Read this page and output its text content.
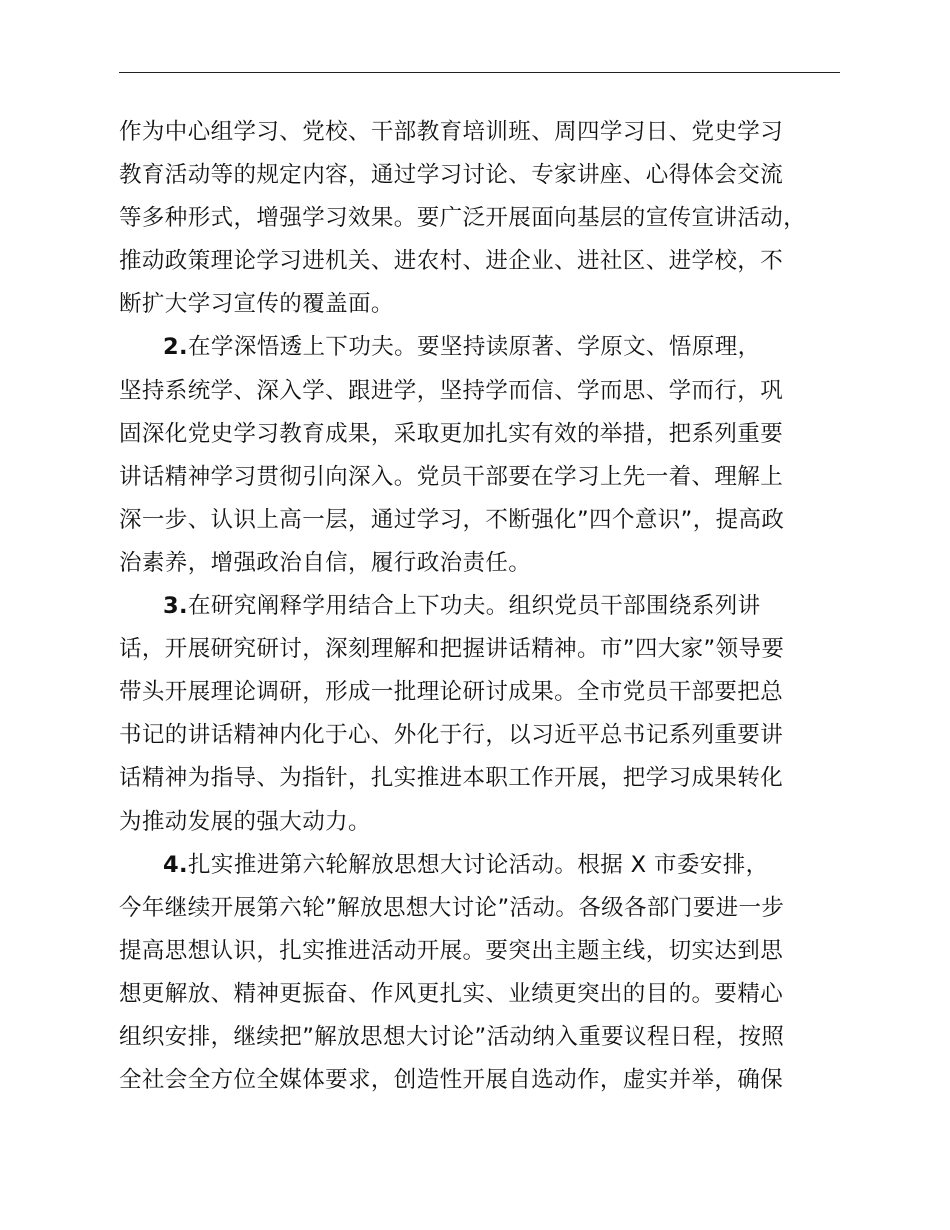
作为中心组学习、党校、干部教育培训班、周四学习日、党史学习
教育活动等的规定内容，通过学习讨论、专家讲座、心得体会交流
等多种形式，增强学习效果。要广泛开展面向基层的宣传宣讲活动，
推动政策理论学习进机关、进农村、进企业、进社区、进学校，不
断扩大学习宣传的覆盖面。
2.在学深悟透上下功夫。要坚持读原著、学原文、悟原理，
坚持系统学、深入学、跟进学，坚持学而信、学而思、学而行，巩
固深化党史学习教育成果，采取更加扎实有效的举措，把系列重要
讲话精神学习贯彻引向深入。党员干部要在学习上先一着、理解上
深一步、认识上高一层，通过学习，不断强化”四个意识”，提高政
治素养，增强政治自信，履行政治责任。
3.在研究阐释学用结合上下功夫。组织党员干部围绕系列讲
话，开展研究研讨，深刻理解和把握讲话精神。市”四大家”领导要
带头开展理论调研，形成一批理论研讨成果。全市党员干部要把总
书记的讲话精神内化于心、外化于行，以习近平总书记系列重要讲
话精神为指导、为指针，扎实推进本职工作开展，把学习成果转化
为推动发展的强大动力。
4.扎实推进第六轮解放思想大讨论活动。根据 X 市委安排，
今年继续开展第六轮”解放思想大讨论”活动。各级各部门要进一步
提高思想认识，扎实推进活动开展。要突出主题主线，切实达到思
想更解放、精神更振奋、作风更扎实、业绩更突出的目的。要精心
组织安排，继续把”解放思想大讨论”活动纳入重要议程日程，按照
全社会全方位全媒体要求，创造性开展自选动作，虚实并举，确保
